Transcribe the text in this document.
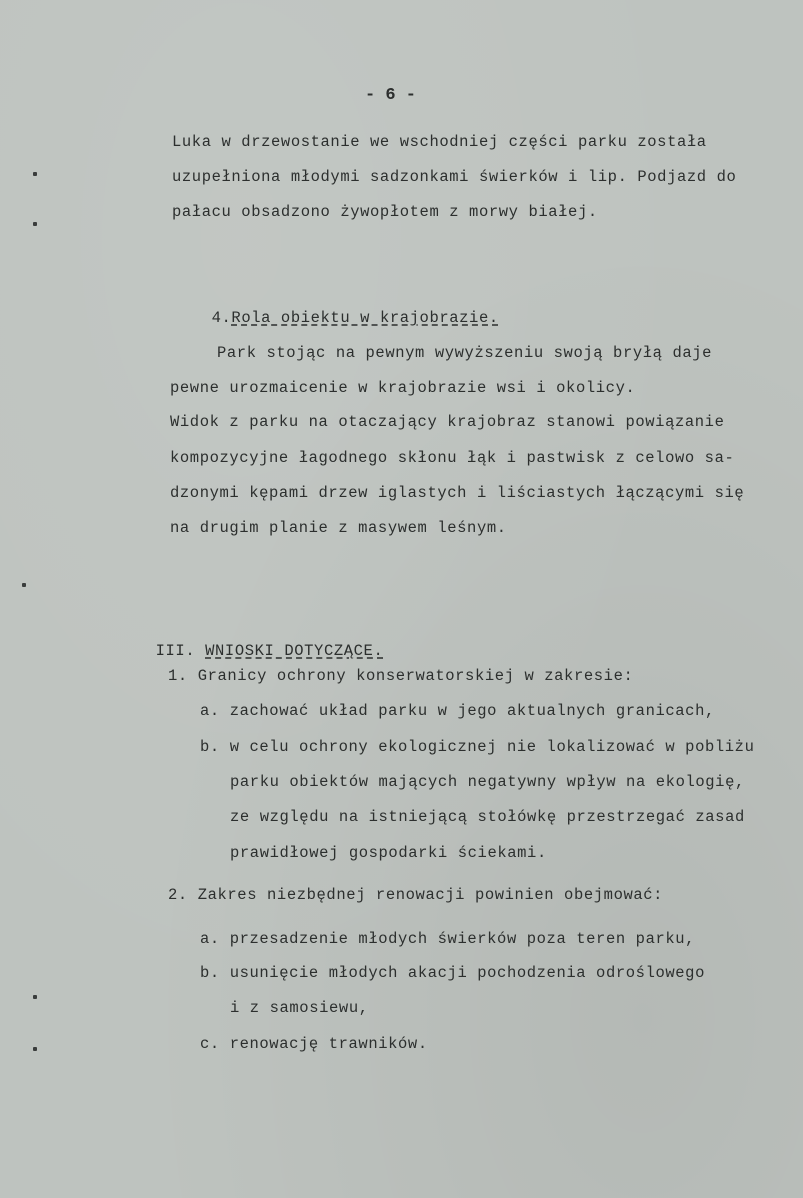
- 6 -
Luka w drzewostanie we wschodniej części parku została
uzupełniona młodymi sadzonkami świerków i lip. Podjazd do
pałacu obsadzono żywopłotem z morwy białej.

4.Rola obiektu w krajobrazie.

Park stojąc na pewnym wywyższeniu swoją bryłą daje
pewne urozmaicenie w krajobrazie wsi i okolicy.
Widok z parku na otaczający krajobraz stanowi powiązanie
kompozycyjne łagodnego skłonu łąk i pastwisk z celowo sa-
dzonymi kępami drzew iglastych i liściastych łączącymi się
na drugim planie z masywem leśnym.

III. WNIOSKI DOTYCZĄCE.

1. Granicy ochrony konserwatorskiej w zakresie:
a. zachować układ parku w jego aktualnych granicach,
b. w celu ochrony ekologicznej nie lokalizować w pobliżu
parku obiektów mających negatywny wpływ na ekologię,
ze względu na istniejącą stołówkę przestrzegać zasad
prawidłowej gospodarki ściekami.
2. Zakres niezbędnej renowacji powinien obejmować:
a. przesadzenie młodych świerków poza teren parku,
b. usunięcie młodych akacji pochodzenia odroślowego
i z samosiewu,
c. renowację trawników.
